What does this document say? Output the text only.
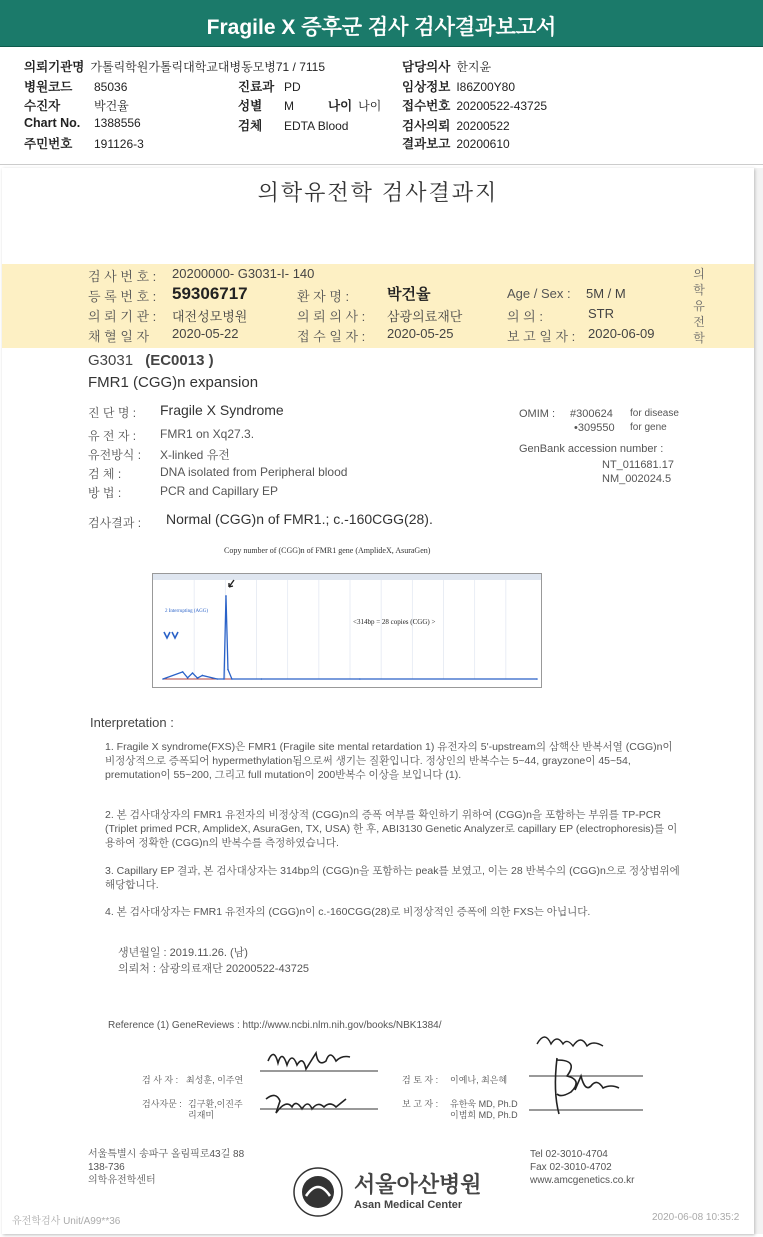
Fragile X 증후군 검사 검사결과보고서
의뢰기관명 가톨릭학원가톨릭대학교대병동모병71 / 7115	담당의사 한지윤
병원코드 85036	진료과 PD	임상정보 I86Z00Y80
수진자	박건율	성별 M	나이 나이 접수번호 20200522-43725
Chart No. 1388556	검체 EDTA Blood	검사의뢰 20200522
주민번호 191126-3	결과보고 20200610
의학유전학 검사결과지
검 사 번 호 : 20200000- G3031-I- 140
등 록 번 호 : 59306717	환 자 명 :	박건율	Age / Sex : 5M / M
의 뢰 기 관 : 대전성모병원	의 뢰 의 사 : 삼광의료재단	의 의 :	STR
채 혈 일 자 2020-05-22	접 수 일 자 : 2020-05-25	보 고 일 자 : 2020-06-09
의학유전학
G3031 (EC0013 )
FMR1 (CGG)n expansion
진 단 명 : Fragile X Syndrome
유 전 자 : FMR1 on Xq27.3.
유전방식 : X-linked 유전
검 체 :	DNA isolated from Peripheral blood
방 법 :	PCR and Capillary EP
OMIM : #300624 for disease
•309550 for gene
GenBank accession number :
NT_011681.17
NM_002024.5
검사결과 : Normal (CGG)n of FMR1.; c.-160CGG(28).
Copy number of (CGG)n of FMR1 gene (AmplideX, AsuraGen)
<314bp = 28 copies (CGG) >
2 Interrupting (AGG)
Interpretation :
1. Fragile X syndrome(FXS)은 FMR1 (Fragile site mental retardation 1) 유전자의 5'-upstream의 삼핵산 반복서열 (CGG)n이 비정상적으로 증폭되어 hypermethylation됨으로써 생기는 질환입니다. 정상인의 반복수는 5~44, grayzone이 45~54, premutation이 55~200, 그리고 full mutation이 200반복수 이상을 보입니다 (1).
2. 본 검사대상자의 FMR1 유전자의 비정상적 (CGG)n의 증폭 여부를 확인하기 위하여 (CGG)n을 포함하는 부위를 TP-PCR (Triplet primed PCR, AmplideX, AsuraGen, TX, USA) 한 후, ABI3130 Genetic Analyzer로 capillary EP (electrophoresis)를 이용하여 정확한 (CGG)n의 반복수를 측정하였습니다.
3. Capillary EP 결과, 본 검사대상자는 314bp의 (CGG)n을 포함하는 peak를 보였고, 이는 28 반복수의 (CGG)n으로 정상범위에 해당합니다.
4. 본 검사대상자는 FMR1 유전자의 (CGG)n이 c.-160CGG(28)로 비정상적인 증폭에 의한 FXS는 아닙니다.
생년월일 : 2019.11.26. (남)
의뢰처 : 삼광의료재단 20200522-43725
Reference (1) GeneReviews : http://www.ncbi.nlm.nih.gov/books/NBK1384/
검 사 자 : 최성훈, 이주연	검 토 자 : 이예나, 최은혜
검사자문 : 김구환,이진주
리재미
보 고 자 : 유한욱 MD, Ph.D
이범희 MD, Ph.D
서울특별시 송파구 올림픽로43길 88
138-736
의학유전학센터
Tel 02-3010-4704
Fax 02-3010-4702
www.amcgenetics.co.kr
서울아산병원
Asan Medical Center
유전학검사 Unit/A99**36	2020-06-08 10:35:2
